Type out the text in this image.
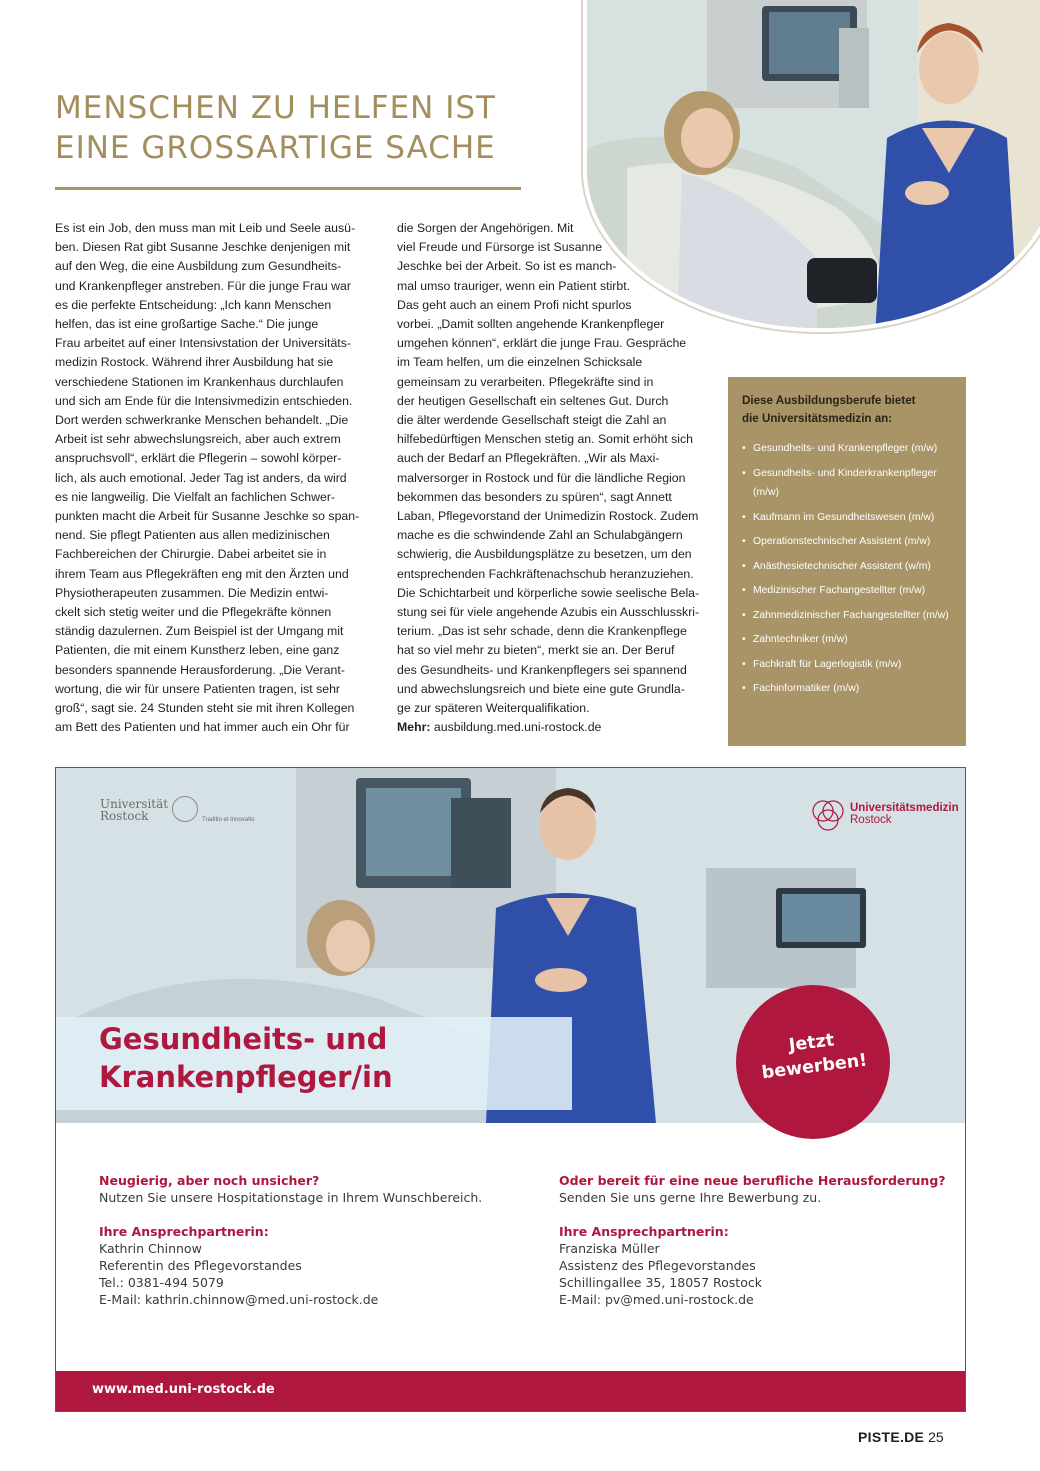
MENSCHEN ZU HELFEN IST
EINE GROSSARTIGE SACHE
Es ist ein Job, den muss man mit Leib und Seele ausü-
ben. Diesen Rat gibt Susanne Jeschke denjenigen mit
auf den Weg, die eine Ausbildung zum Gesundheits-
und Krankenpfleger anstreben. Für die junge Frau war
es die perfekte Entscheidung: „Ich kann Menschen
helfen, das ist eine großartige Sache.“ Die junge
Frau arbeitet auf einer Intensivstation der Universitäts-
medizin Rostock. Während ihrer Ausbildung hat sie
verschiedene Stationen im Krankenhaus durchlaufen
und sich am Ende für die Intensivmedizin entschieden.
Dort werden schwerkranke Menschen behandelt. „Die
Arbeit ist sehr abwechslungsreich, aber auch extrem
anspruchsvoll“, erklärt die Pflegerin – sowohl körper-
lich, als auch emotional. Jeder Tag ist anders, da wird
es nie langweilig. Die Vielfalt an fachlichen Schwer-
punkten macht die Arbeit für Susanne Jeschke so span-
nend. Sie pflegt Patienten aus allen medizinischen
Fachbereichen der Chirurgie. Dabei arbeitet sie in
ihrem Team aus Pflegekräften eng mit den Ärzten und
Physiotherapeuten zusammen. Die Medizin entwi-
ckelt sich stetig weiter und die Pflegekräfte können
ständig dazulernen. Zum Beispiel ist der Umgang mit
Patienten, die mit einem Kunstherz leben, eine ganz
besonders spannende Herausforderung. „Die Verant-
wortung, die wir für unsere Patienten tragen, ist sehr
groß“, sagt sie. 24 Stunden steht sie mit ihren Kollegen
am Bett des Patienten und hat immer auch ein Ohr für
die Sorgen der Angehörigen. Mit
viel Freude und Fürsorge ist Susanne
Jeschke bei der Arbeit. So ist es manch-
mal umso trauriger, wenn ein Patient stirbt.
Das geht auch an einem Profi nicht spurlos
vorbei. „Damit sollten angehende Krankenpfleger
umgehen können“, erklärt die junge Frau. Gespräche
im Team helfen, um die einzelnen Schicksale
gemeinsam zu verarbeiten. Pflegekräfte sind in
der heutigen Gesellschaft ein seltenes Gut. Durch
die älter werdende Gesellschaft steigt die Zahl an
hilfebedürftigen Menschen stetig an. Somit erhöht sich
auch der Bedarf an Pflegekräften. „Wir als Maxi-
malversorger in Rostock und für die ländliche Region
bekommen das besonders zu spüren“, sagt Annett
Laban, Pflegevorstand der Unimedizin Rostock. Zudem
mache es die schwindende Zahl an Schulabgängern
schwierig, die Ausbildungsplätze zu besetzen, um den
entsprechenden Fachkräftenachschub heranzuziehen.
Die Schichtarbeit und körperliche sowie seelische Bela-
stung sei für viele angehende Azubis ein Ausschlusskri-
terium. „Das ist sehr schade, denn die Krankenpflege
hat so viel mehr zu bieten“, merkt sie an. Der Beruf
des Gesundheits- und Krankenpflegers sei spannend
und abwechslungsreich und biete eine gute Grundla-
ge zur späteren Weiterqualifikation.
Mehr: ausbildung.med.uni-rostock.de
Diese Ausbildungsberufe bietet
die Universitätsmedizin an:
• Gesundheits- und Krankenpfleger (m/w)
• Gesundheits- und Kinderkrankenpfleger (m/w)
• Kaufmann im Gesundheitswesen (m/w)
• Operationstechnischer Assistent (m/w)
• Anästhesietechnischer Assistent (w/m)
• Medizinischer Fachangestellter (m/w)
• Zahnmedizinischer Fachangestellter (m/w)
• Zahntechniker (m/w)
• Fachkraft für Lagerlogistik (m/w)
• Fachinformatiker (m/w)
Universität
Rostock	Traditio et Innovatio
Universitätsmedizin
Rostock
Gesundheits- und
Krankenpfleger/in
Jetzt
bewerben!
Neugierig, aber noch unsicher?
Nutzen Sie unsere Hospitationstage in Ihrem Wunschbereich.
Ihre Ansprechpartnerin:
Kathrin Chinnow
Referentin des Pflegevorstandes
Tel.: 0381-494 5079
E-Mail: kathrin.chinnow@med.uni-rostock.de
Oder bereit für eine neue berufliche Herausforderung?
Senden Sie uns gerne Ihre Bewerbung zu.
Ihre Ansprechpartnerin:
Franziska Müller
Assistenz des Pflegevorstandes
Schillingallee 35, 18057 Rostock
E-Mail: pv@med.uni-rostock.de
www.med.uni-rostock.de
PISTE.DE 25
